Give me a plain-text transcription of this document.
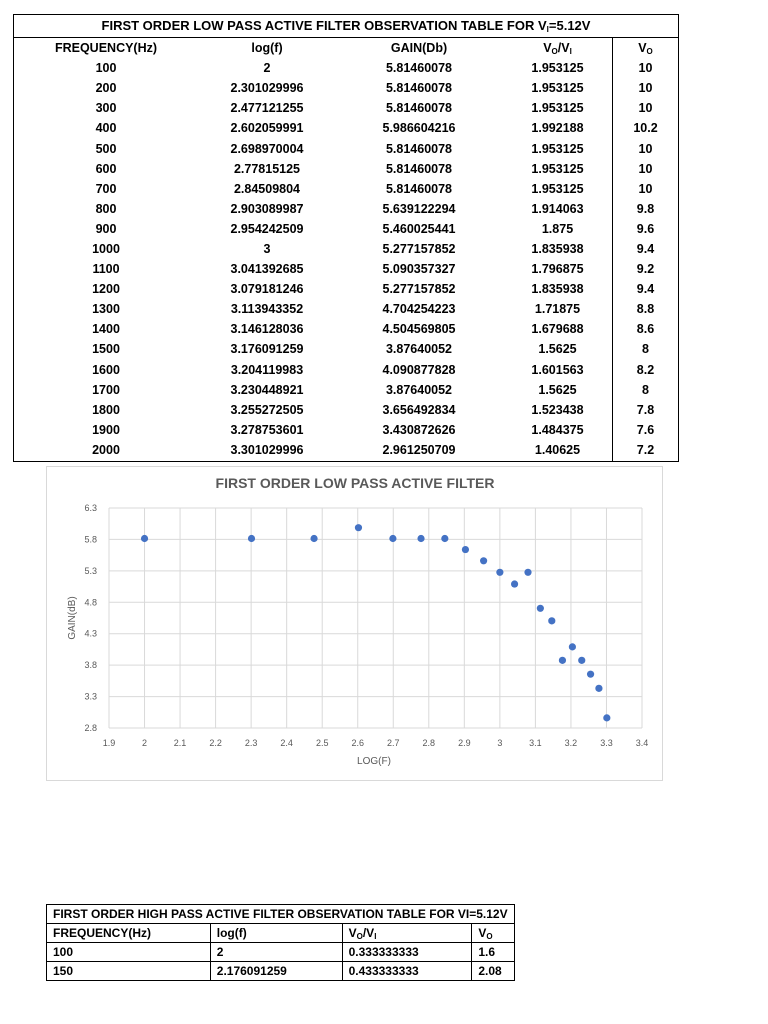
FIRST ORDER LOW PASS ACTIVE FILTER OBSERVATION TABLE FOR $V_I=5.12V$
FREQUENCY(Hz)	log(f)	GAIN(Db)	$V_O/V_I$	$V_O$
100	2	5.81460078	1.953125	10
200	2.301029996	5.81460078	1.953125	10
300	2.477121255	5.81460078	1.953125	10
400	2.602059991	5.986604216	1.992188	10.2
500	2.698970004	5.81460078	1.953125	10
600	2.77815125	5.81460078	1.953125	10
700	2.84509804	5.81460078	1.953125	10
800	2.903089987	5.639122294	1.914063	9.8
900	2.954242509	5.460025441	1.875	9.6
1000	3	5.277157852	1.835938	9.4
1100	3.041392685	5.090357327	1.796875	9.2
1200	3.079181246	5.277157852	1.835938	9.4
1300	3.113943352	4.704254223	1.71875	8.8
1400	3.146128036	4.504569805	1.679688	8.6
1500	3.176091259	3.87640052	1.5625	8
1600	3.204119983	4.090877828	1.601563	8.2
1700	3.230448921	3.87640052	1.5625	8
1800	3.255272505	3.656492834	1.523438	7.8
1900	3.278753601	3.430872626	1.484375	7.6
2000	3.301029996	2.961250709	1.40625	7.2
FIRST ORDER LOW PASS ACTIVE FILTER
1.9	2	2.1	2.2	2.3	2.4	2.5	2.6	2.7	2.8	2.9	3	3.1	3.2	3.3	3.4
2.8
3.3
3.8
4.3
4.8
5.3
5.8
6.3
LOG(F)
GAIN(dB)
FIRST ORDER HIGH PASS ACTIVE FILTER OBSERVATION TABLE FOR VI=5.12V			
FREQUENCY(Hz)	log(f)	$V_O/V_I$	$V_O$
100	2	0.333333333	1.6
150	2.176091259	0.433333333	2.08
